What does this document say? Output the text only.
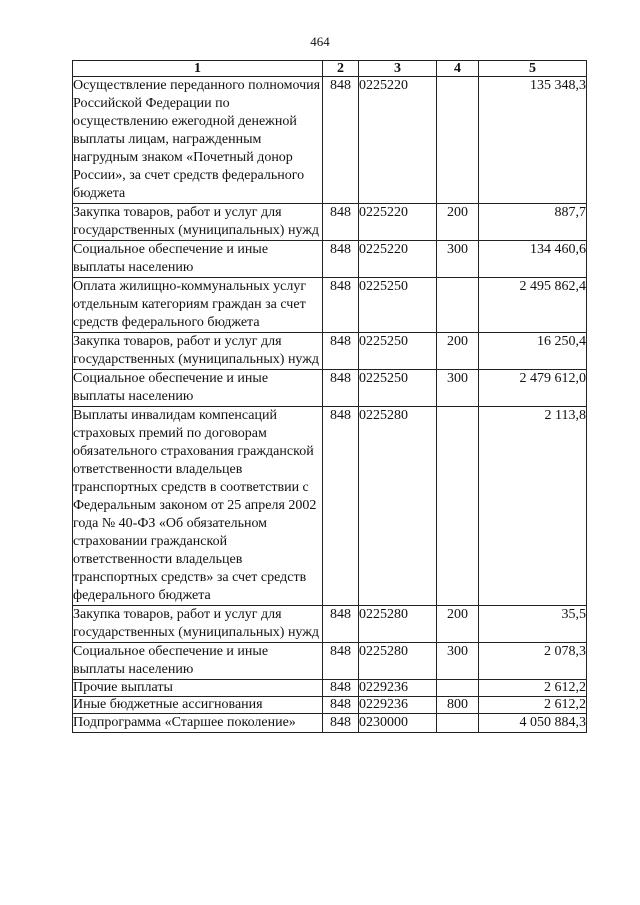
464
1	2	3	4	5
Осуществление переданного полномочия Российской Федерации по осуществлению ежегодной денежной выплаты лицам, награжденным нагрудным знаком «Почетный донор России», за счет средств федерального бюджета	848	0225220		135 348,3
Закупка товаров, работ и услуг для государственных (муниципальных) нужд	848	0225220	200	887,7
Социальное обеспечение и иные выплаты населению	848	0225220	300	134 460,6
Оплата жилищно-коммунальных услуг отдельным категориям граждан за счет средств федерального бюджета	848	0225250		2 495 862,4
Закупка товаров, работ и услуг для государственных (муниципальных) нужд	848	0225250	200	16 250,4
Социальное обеспечение и иные выплаты населению	848	0225250	300	2 479 612,0
Выплаты инвалидам компенсаций страховых премий по договорам обязательного страхования гражданской ответственности владельцев транспортных средств в соответствии с Федеральным законом от 25 апреля 2002 года № 40-ФЗ «Об обязательном страховании гражданской ответственности владельцев транспортных средств» за счет средств федерального бюджета	848	0225280		2 113,8
Закупка товаров, работ и услуг для государственных (муниципальных) нужд	848	0225280	200	35,5
Социальное обеспечение и иные выплаты населению	848	0225280	300	2 078,3
Прочие выплаты	848	0229236		2 612,2
Иные бюджетные ассигнования	848	0229236	800	2 612,2
Подпрограмма «Старшее поколение»	848	0230000		4 050 884,3
